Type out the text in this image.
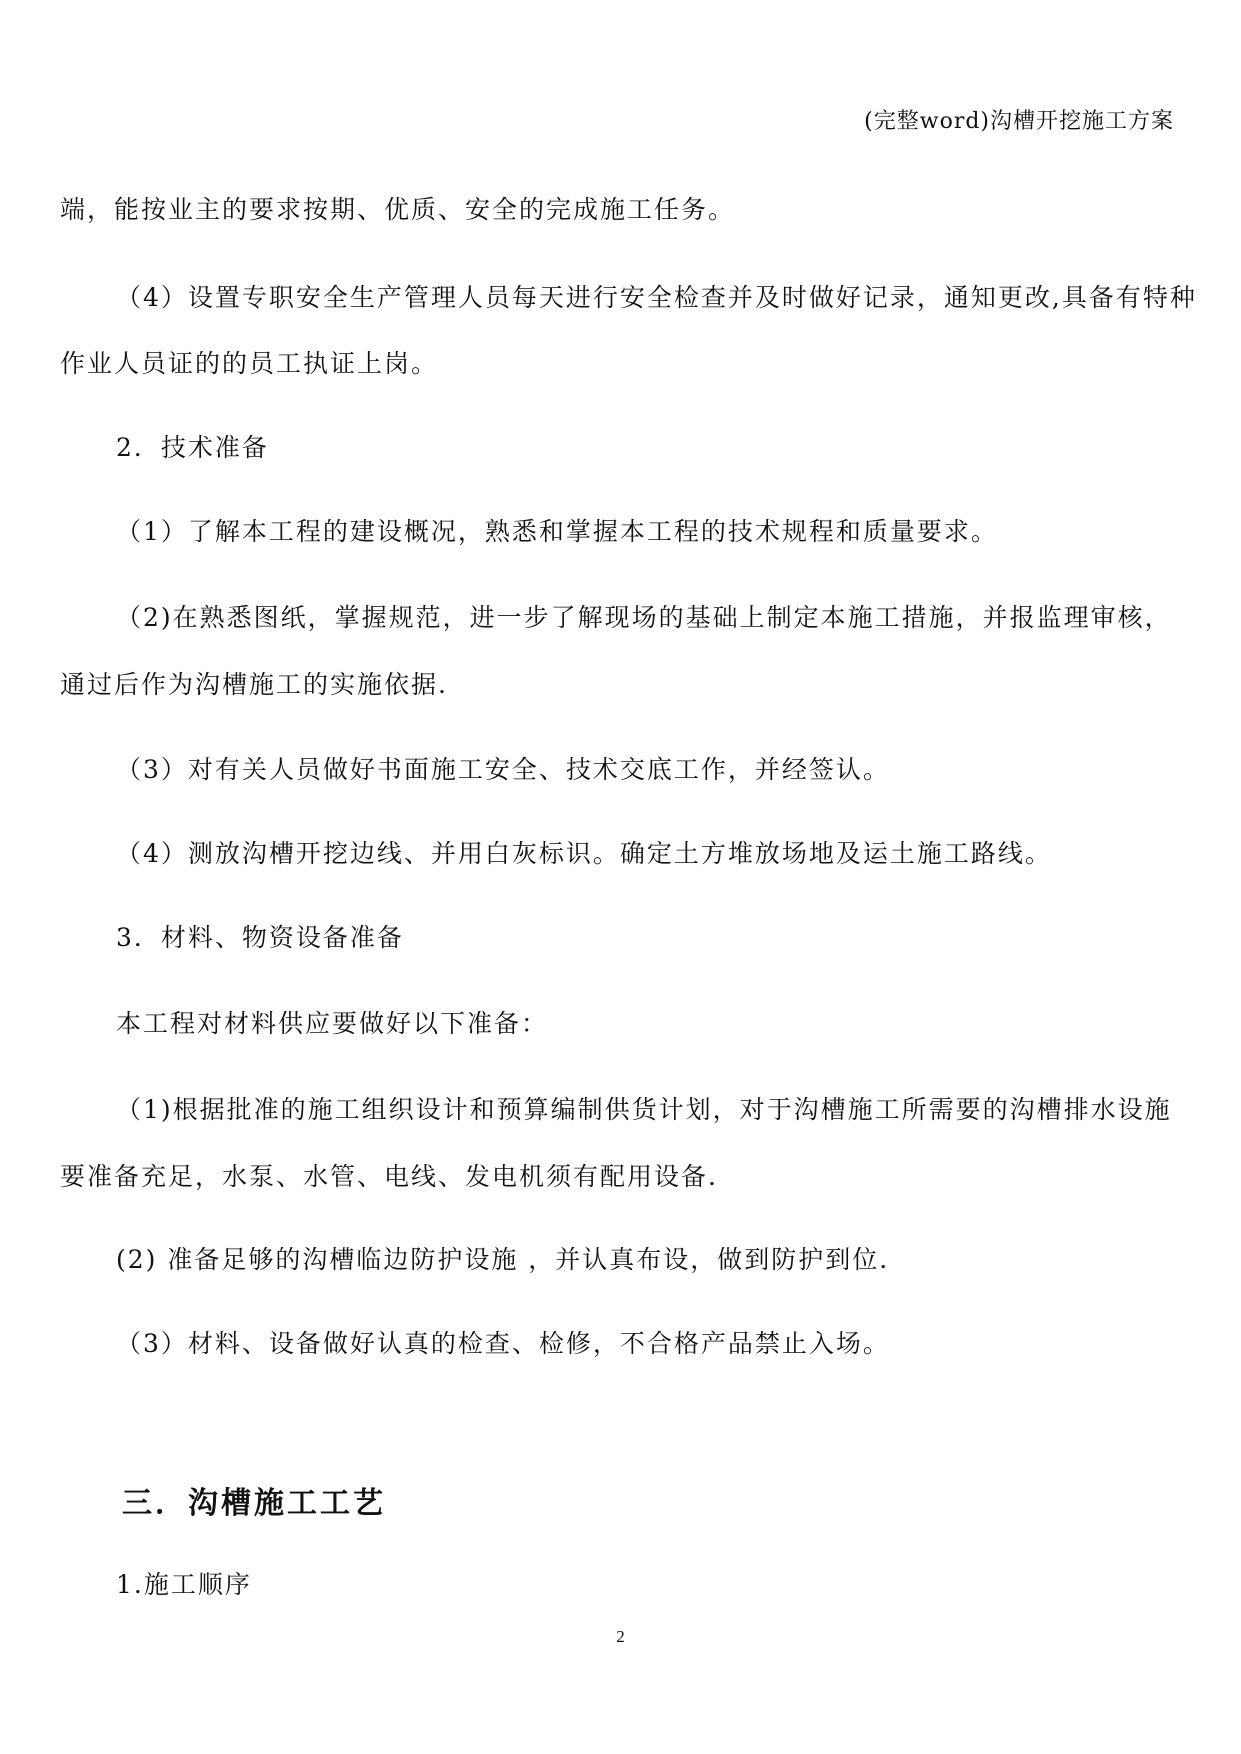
(完整word)沟槽开挖施工方案
端，能按业主的要求按期、优质、安全的完成施工任务。
（4）设置专职安全生产管理人员每天进行安全检查并及时做好记录，通知更改,具备有特种
作业人员证的的员工执证上岗。
2．技术准备
（1）了解本工程的建设概况，熟悉和掌握本工程的技术规程和质量要求。
（2)在熟悉图纸，掌握规范，进一步了解现场的基础上制定本施工措施，并报监理审核，
通过后作为沟槽施工的实施依据.
（3）对有关人员做好书面施工安全、技术交底工作，并经签认。
（4）测放沟槽开挖边线、并用白灰标识。确定土方堆放场地及运土施工路线。
3．材料、物资设备准备
本工程对材料供应要做好以下准备：
（1)根据批准的施工组织设计和预算编制供货计划，对于沟槽施工所需要的沟槽排水设施
要准备充足，水泵、水管、电线、发电机须有配用设备.
(2) 准备足够的沟槽临边防护设施 ，并认真布设，做到防护到位.
（3）材料、设备做好认真的检查、检修，不合格产品禁止入场。
三．沟槽施工工艺
1.施工顺序
2
